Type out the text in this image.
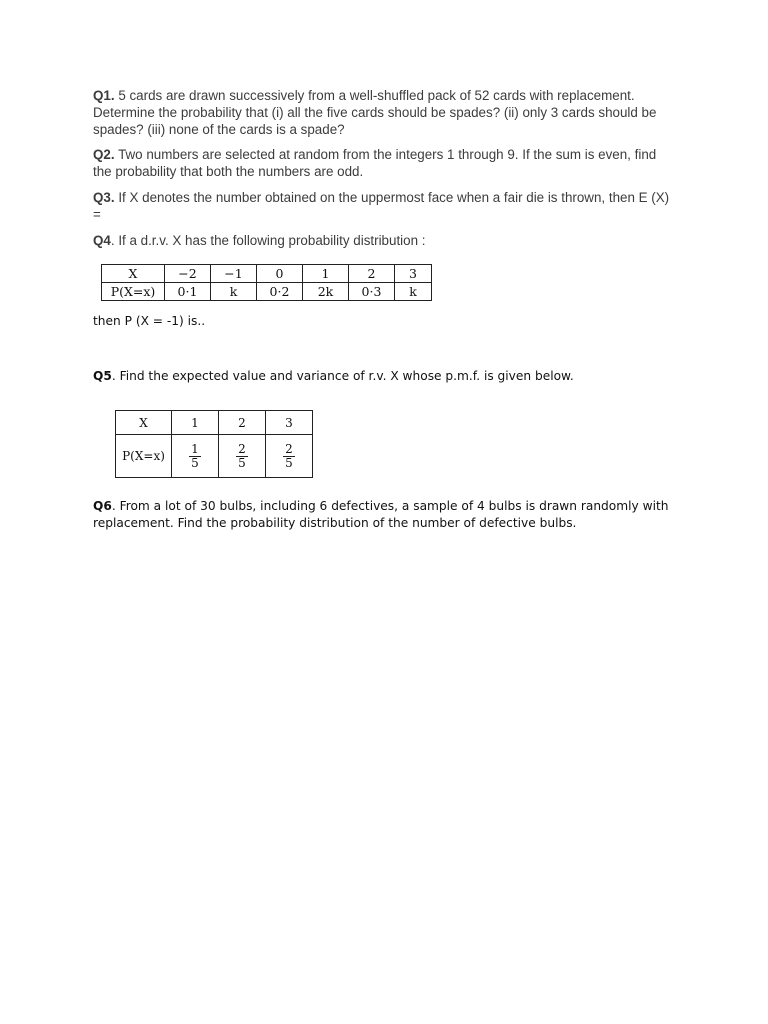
Q1. 5 cards are drawn successively from a well-shuffled pack of 52 cards with replacement. Determine the probability that (i) all the five cards should be spades? (ii) only 3 cards should be spades? (iii) none of the cards is a spade?
Q2. Two numbers are selected at random from the integers 1 through 9. If the sum is even, find the probability that both the numbers are odd.
Q3. If X denotes the number obtained on the uppermost face when a fair die is thrown, then E (X) =
Q4. If a d.r.v. X has the following probability distribution :
X	−2	−1	0	1	2	3
P(X=x)	0·1	k	0·2	2k	0·3	k
then P (X = -1) is..
Q5. Find the expected value and variance of r.v. X whose p.m.f. is given below.
X	1	2	3
P(X=x)	$\frac{1}{5}$	$\frac{2}{5}$	$\frac{2}{5}$
Q6. From a lot of 30 bulbs, including 6 defectives, a sample of 4 bulbs is drawn randomly with replacement. Find the probability distribution of the number of defective bulbs.
